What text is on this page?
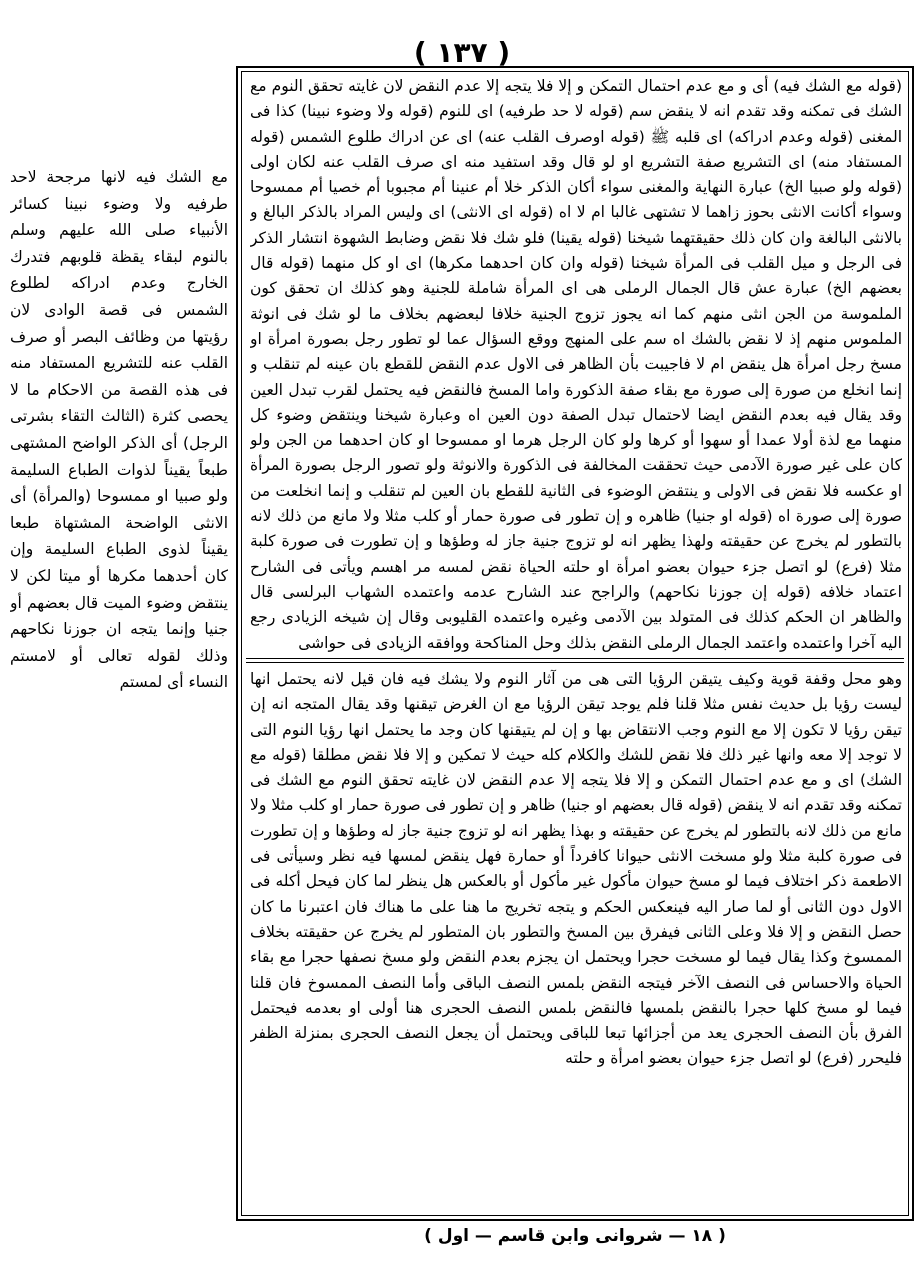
( ١٣٧ )
(قوله مع الشك فيه) أى و مع عدم احتمال التمكن و إلا فلا يتجه إلا عدم النقض لان غايته تحقق النوم مع الشك فى تمكنه وقد تقدم انه لا ينقض سم (قوله لا حد طرفيه) اى للنوم (قوله ولا وضوء نبينا) كذا فى المغنى (قوله وعدم ادراكه) اى قلبه ﷺ (قوله اوصرف القلب عنه) اى عن ادراك طلوع الشمس (قوله المستفاد منه) اى التشريع صفة التشريع او لو قال وقد استفيد منه اى صرف القلب عنه لكان اولى (قوله ولو صبيا الخ) عبارة النهاية والمغنى سواء أكان الذكر خلا أم عنينا أم مجبوبا أم خصيا أم ممسوحا وسواء أكانت الانثى بحوز زاهما لا تشتهى غالبا ام لا اه (قوله اى الانثى) اى وليس المراد بالذكر البالغ و بالانثى البالغة وان كان ذلك حقيقتهما شيخنا (قوله يقينا) فلو شك فلا نقض وضابط الشهوة انتشار الذكر فى الرجل و ميل القلب فى المرأة شيخنا (قوله وان كان احدهما مكرها) اى او كل منهما (قوله قال بعضهم الخ) عبارة عش قال الجمال الرملى هى اى المرأة شاملة للجنية وهو كذلك ان تحقق كون الملموسة من الجن انثى منهم كما انه يجوز تزوج الجنية خلافا لبعضهم بخلاف ما لو شك فى انوثة الملموس منهم إذ لا نقض بالشك اه سم على المنهج ووقع السؤال عما لو تطور رجل بصورة امرأة او مسخ رجل امرأة هل ينقض ام لا فاجيبت بأن الظاهر فى الاول عدم النقض للقطع بان عينه لم تنقلب و إنما انخلع من صورة إلى صورة مع بقاء صفة الذكورة واما المسخ فالنقض فيه يحتمل لقرب تبدل العين وقد يقال فيه بعدم النقض ايضا لاحتمال تبدل الصفة دون العين اه وعبارة شيخنا وينتقض وضوء كل منهما مع لذة أولا عمدا أو سهوا أو كرها ولو كان الرجل هرما او ممسوحا او كان احدهما من الجن ولو كان على غير صورة الآدمى حيث تحققت المخالفة فى الذكورة والانوثة ولو تصور الرجل بصورة المرأة او عكسه فلا نقض فى الاولى و ينتقض الوضوء فى الثانية للقطع بان العين لم تنقلب و إنما انخلعت من صورة إلى صورة اه (قوله او جنيا) ظاهره و إن تطور فى صورة حمار أو كلب مثلا ولا مانع من ذلك لانه بالتطور لم يخرج عن حقيقته ولهذا يظهر انه لو تزوج جنية جاز له وطؤها و إن تطورت فى صورة كلبة مثلا (فرع) لو اتصل جزء حيوان بعضو امرأة او حلته الحياة نقض لمسه مر اهسم ويأتى فى الشارح اعتماد خلافه (قوله إن جوزنا نكاحهم) والراجح عند الشارح عدمه واعتمده الشهاب البرلسى قال والظاهر ان الحكم كذلك فى المتولد بين الآدمى وغيره واعتمده القليوبى وقال إن شيخه الزيادى رجع اليه آخرا واعتمده واعتمد الجمال الرملى النقض بذلك وحل المناكحة ووافقه الزيادى فى حواشى
وهو محل وقفة قوية وكيف يتيقن الرؤيا التى هى من آثار النوم ولا يشك فيه فان قيل لانه يحتمل انها ليست رؤيا بل حديث نفس مثلا قلنا فلم يوجد تيقن الرؤيا مع ان الغرض تيقنها وقد يقال المتجه انه إن تيقن رؤيا لا تكون إلا مع النوم وجب الانتقاض بها و إن لم يتيقنها كان وجد ما يحتمل انها رؤيا النوم التى لا توجد إلا معه وانها غير ذلك فلا نقض للشك والكلام كله حيث لا تمكين و إلا فلا نقض مطلقا (قوله مع الشك) اى و مع عدم احتمال التمكن و إلا فلا يتجه إلا عدم النقض لان غايته تحقق النوم مع الشك فى تمكنه وقد تقدم انه لا ينقض (قوله قال بعضهم او جنيا) ظاهر و إن تطور فى صورة حمار او كلب مثلا ولا مانع من ذلك لانه بالتطور لم يخرج عن حقيقته و بهذا يظهر انه لو تزوج جنية جاز له وطؤها و إن تطورت فى صورة كلبة مثلا ولو مسخت الانثى حيوانا كافرداً أو حمارة فهل ينقض لمسها فيه نظر وسيأتى فى الاطعمة ذكر اختلاف فيما لو مسخ حيوان مأكول غير مأكول أو بالعكس هل ينظر لما كان فيحل أكله فى الاول دون الثانى أو لما صار اليه فينعكس الحكم و يتجه تخريج ما هنا على ما هناك فان اعتبرنا ما كان حصل النقض و إلا فلا وعلى الثانى فيفرق بين المسخ والتطور بان المتطور لم يخرج عن حقيقته بخلاف الممسوخ وكذا يقال فيما لو مسخت حجرا ويحتمل ان يجزم بعدم النقض ولو مسخ نصفها حجرا مع بقاء الحياة والاحساس فى النصف الآخر فيتجه النقض بلمس النصف الباقى وأما النصف الممسوخ فان قلنا فيما لو مسخ كلها حجرا بالنقض بلمسها فالنقض بلمس النصف الحجرى هنا أولى او بعدمه فيحتمل الفرق بأن النصف الحجرى يعد من أجزائها تبعا للباقى ويحتمل أن يجعل النصف الحجرى بمنزلة الظفر فليحرر (فرع) لو اتصل جزء حيوان بعضو امرأة و حلته
مع الشك فيه لانها مرجحة لاحد طرفيه ولا وضوء نبينا كسائر الأنبياء صلى الله عليهم وسلم بالنوم لبقاء يقظة قلوبهم فتدرك الخارج وعدم ادراكه لطلوع الشمس فى قصة الوادى لان رؤيتها من وظائف البصر أو صرف القلب عنه للتشريع المستفاد منه فى هذه القصة من الاحكام ما لا يحصى كثرة (الثالث التقاء بشرتى الرجل) أى الذكر الواضح المشتهى طبعاً يقيناً لذوات الطباع السليمة ولو صبيا او ممسوحا (والمرأة) أى الانثى الواضحة المشتهاة طبعا يقيناً لذوى الطباع السليمة وإن كان أحدهما مكرها أو ميتا لكن لا ينتقض وضوء الميت قال بعضهم أو جنيا وإنما يتجه ان جوزنا نكاحهم وذلك لقوله تعالى أو لامستم النساء أى لمستم
( ١٨ — شروانى وابن قاسم — اول )
